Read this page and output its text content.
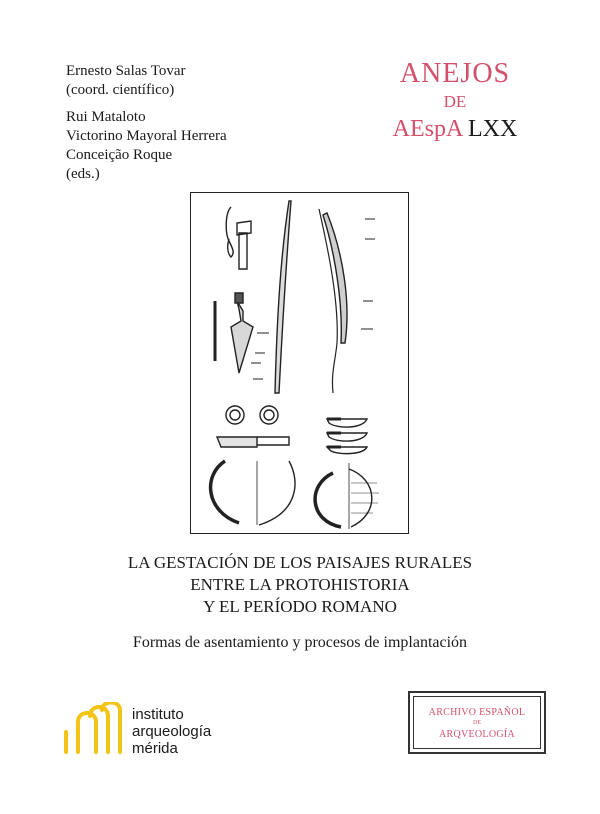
Ernesto Salas Tovar
(coord. científico)
Rui Mataloto
Victorino Mayoral Herrera
Conceição Roque
(eds.)
ANEJOS
DE
AEspA LXX
LA GESTACIÓN DE LOS PAISAJES RURALES
ENTRE LA PROTOHISTORIA
Y EL PERÍODO ROMANO
Formas de asentamiento y procesos de implantación
instituto
arqueología
mérida
ARCHIVO ESPAÑOL
DE
ARQVEOLOGÍA
